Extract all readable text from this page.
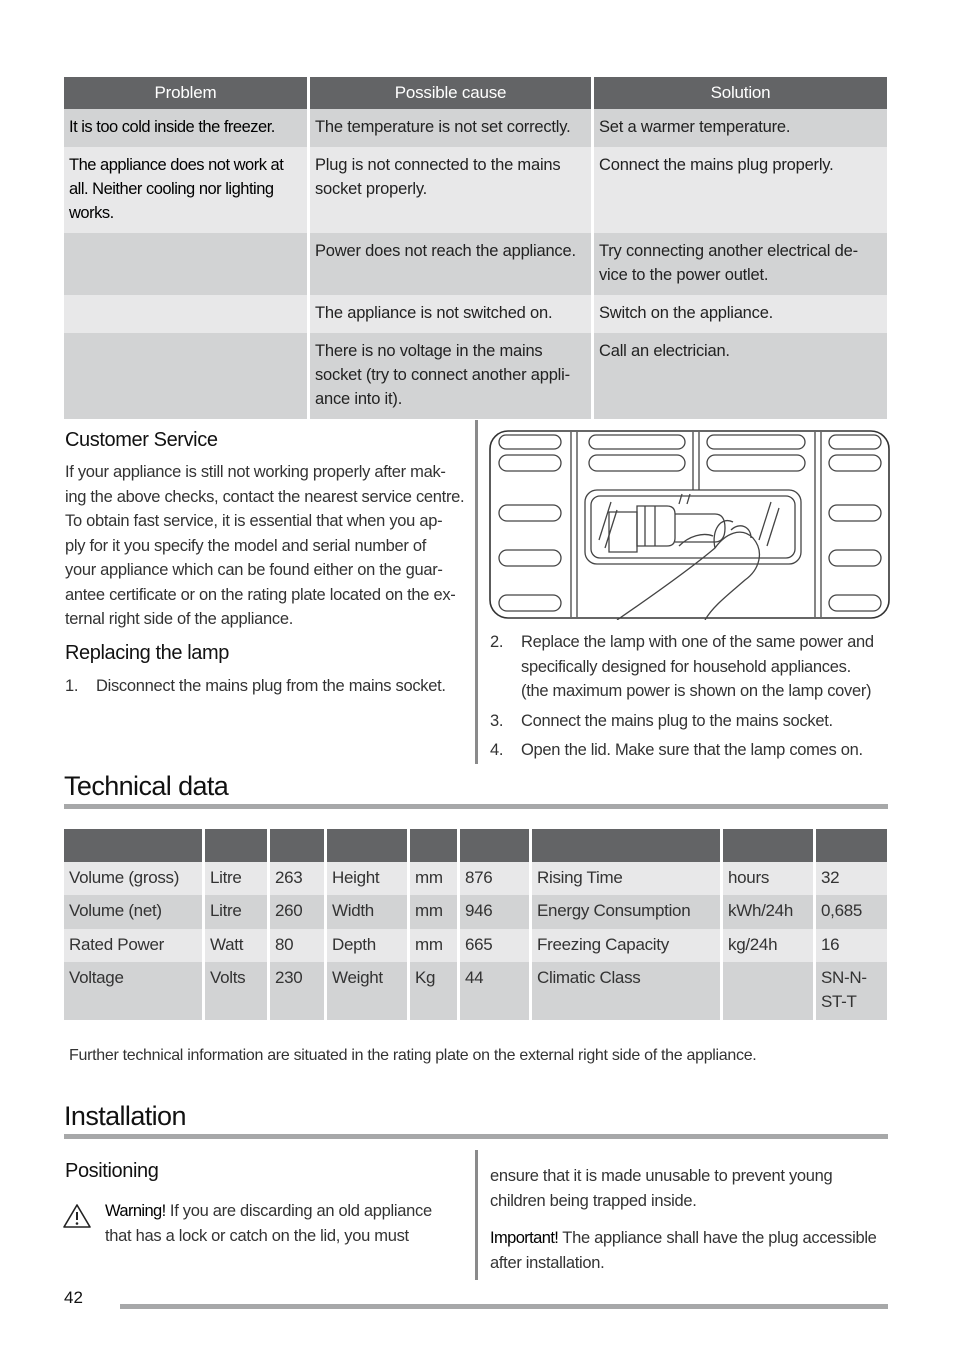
Problem	Possible cause	Solution
It is too cold inside the freezer.	The temperature is not set correctly.	Set a warmer temperature.
The appliance does not work at all. Neither cooling nor lighting works.	Plug is not connected to the mains socket properly.	Connect the mains plug properly.
	Power does not reach the appliance.	Try connecting another electrical de-vice to the power outlet.
	The appliance is not switched on.	Switch on the appliance.
	There is no voltage in the mains socket (try to connect another appli-ance into it).	Call an electrician.
Customer Service
If your appliance is still not working properly after mak-
ing the above checks, contact the nearest service centre.
To obtain fast service, it is essential that when you ap-
ply for it you specify the model and serial number of
your appliance which can be found either on the guar-
antee certificate or on the rating plate located on the ex-
ternal right side of the appliance.
Replacing the lamp
1. Disconnect the mains plug from the mains socket.
2. Replace the lamp with one of the same power and
specifically designed for household appliances.
(the maximum power is shown on the lamp cover)
3. Connect the mains plug to the mains socket.
4. Open the lid. Make sure that the lamp comes on.
Technical data

Volume (gross)	Litre	263	Height	mm	876	Rising Time	hours	32
Volume (net)	Litre	260	Width	mm	946	Energy Consumption	kWh/24h	0,685
Rated Power	Watt	80	Depth	mm	665	Freezing Capacity	kg/24h	16
Voltage	Volts	230	Weight	Kg	44	Climatic Class		SN-N-ST-T
Further technical information are situated in the rating plate on the external right side of the appliance.
Installation
Positioning
Warning! If you are discarding an old appliance
that has a lock or catch on the lid, you must
ensure that it is made unusable to prevent young
children being trapped inside.
Important! The appliance shall have the plug accessible
after installation.
42
